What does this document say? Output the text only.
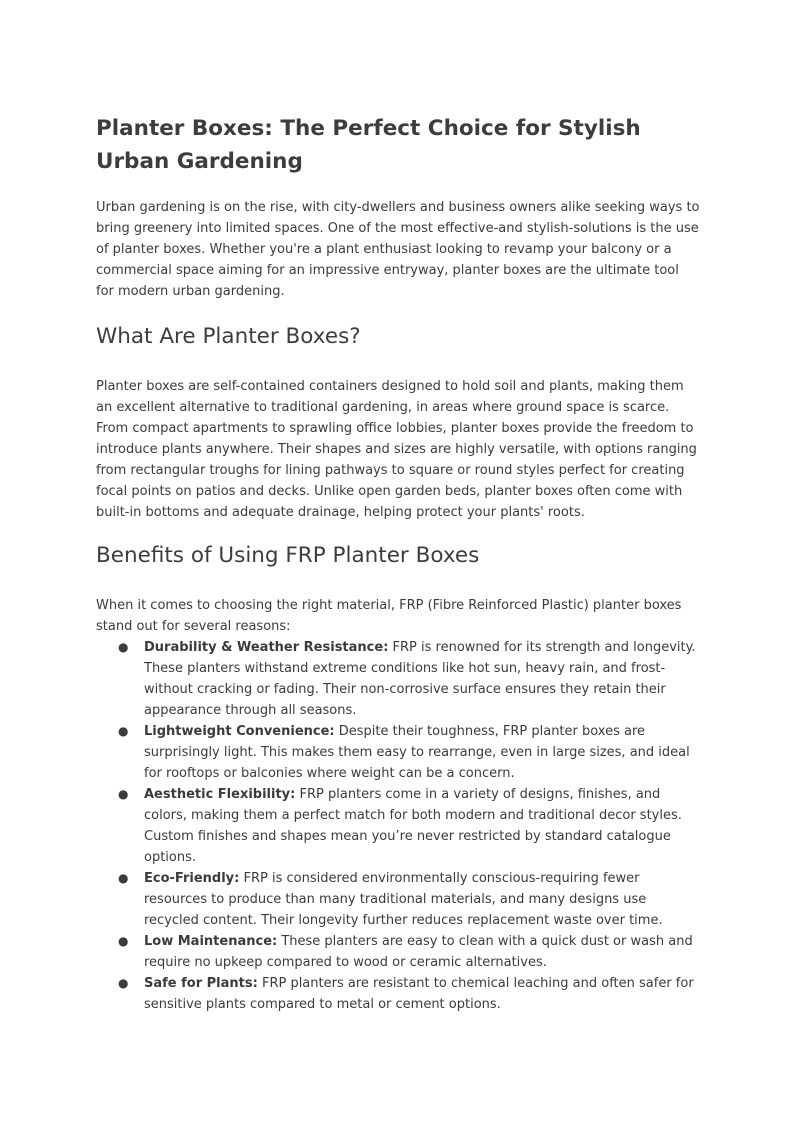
Planter Boxes: The Perfect Choice for Stylish Urban Gardening

Urban gardening is on the rise, with city-dwellers and business owners alike seeking ways to bring greenery into limited spaces. One of the most effective-and stylish-solutions is the use of planter boxes. Whether you're a plant enthusiast looking to revamp your balcony or a commercial space aiming for an impressive entryway, planter boxes are the ultimate tool for modern urban gardening.

What Are Planter Boxes?

Planter boxes are self-contained containers designed to hold soil and plants, making them an excellent alternative to traditional gardening, in areas where ground space is scarce. From compact apartments to sprawling office lobbies, planter boxes provide the freedom to introduce plants anywhere. Their shapes and sizes are highly versatile, with options ranging from rectangular troughs for lining pathways to square or round styles perfect for creating focal points on patios and decks. Unlike open garden beds, planter boxes often come with built-in bottoms and adequate drainage, helping protect your plants' roots.

Benefits of Using FRP Planter Boxes

When it comes to choosing the right material, FRP (Fibre Reinforced Plastic) planter boxes stand out for several reasons:

● Durability & Weather Resistance: FRP is renowned for its strength and longevity. These planters withstand extreme conditions like hot sun, heavy rain, and frost-without cracking or fading. Their non-corrosive surface ensures they retain their appearance through all seasons.
● Lightweight Convenience: Despite their toughness, FRP planter boxes are surprisingly light. This makes them easy to rearrange, even in large sizes, and ideal for rooftops or balconies where weight can be a concern.
● Aesthetic Flexibility: FRP planters come in a variety of designs, finishes, and colors, making them a perfect match for both modern and traditional decor styles. Custom finishes and shapes mean you’re never restricted by standard catalogue options.
● Eco-Friendly: FRP is considered environmentally conscious-requiring fewer resources to produce than many traditional materials, and many designs use recycled content. Their longevity further reduces replacement waste over time.
● Low Maintenance: These planters are easy to clean with a quick dust or wash and require no upkeep compared to wood or ceramic alternatives.
● Safe for Plants: FRP planters are resistant to chemical leaching and often safer for sensitive plants compared to metal or cement options.
